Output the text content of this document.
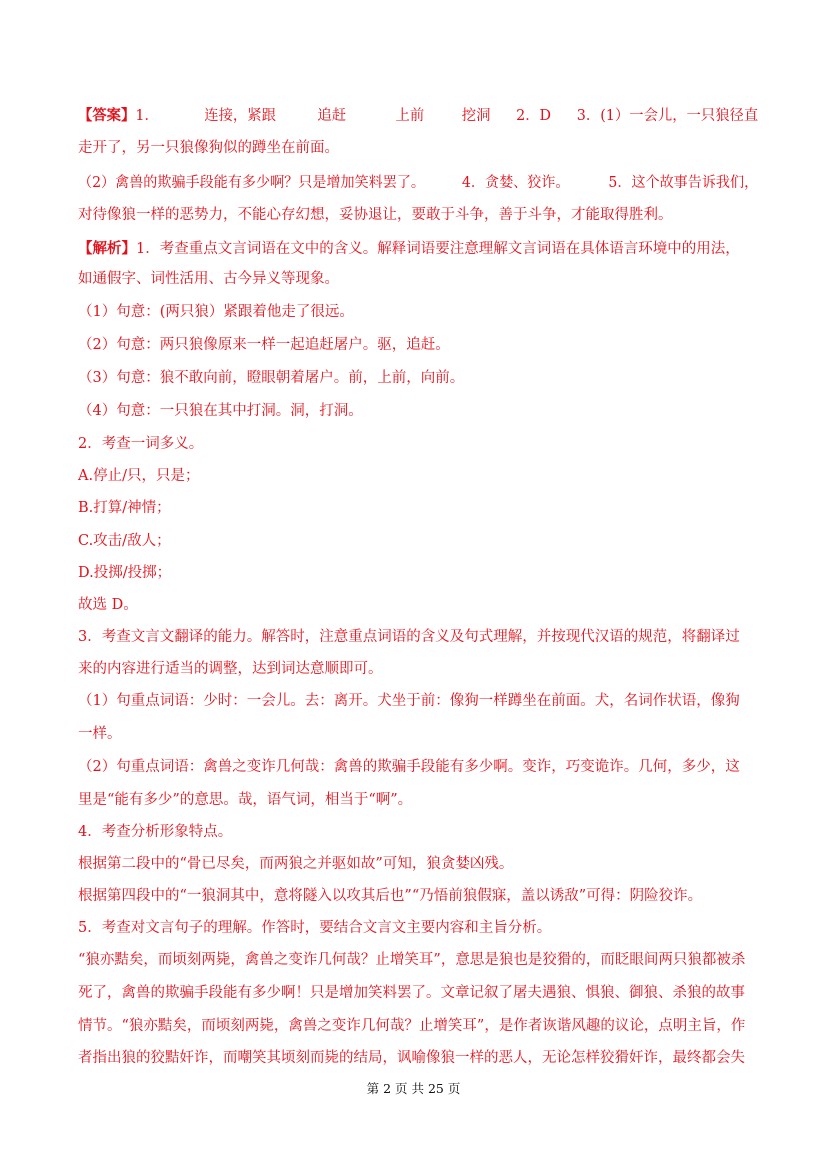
【答案】1．	连接，紧跟	追赶	上前	挖洞 2．D 3．(1）一会儿，一只狼径直
走开了，另一只狼像狗似的蹲坐在前面。
（2）禽兽的欺骗手段能有多少啊？只是增加笑料罢了。	4．贪婪、狡诈。	5．这个故事告诉我们，
对待像狼一样的恶势力，不能心存幻想，妥协退让，要敢于斗争，善于斗争，才能取得胜利。
【解析】1．考查重点文言词语在文中的含义。解释词语要注意理解文言词语在具体语言环境中的用法，
如通假字、词性活用、古今异义等现象。
（1）句意：(两只狼）紧跟着他走了很远。
（2）句意：两只狼像原来一样一起追赶屠户。驱，追赶。
（3）句意：狼不敢向前，瞪眼朝着屠户。前，上前，向前。
（4）句意：一只狼在其中打洞。洞，打洞。
2．考查一词多义。
A.停止/只，只是；
B.打算/神情；
C.攻击/敌人；
D.投掷/投掷；
故选 D。
3．考查文言文翻译的能力。解答时，注意重点词语的含义及句式理解，并按现代汉语的规范，将翻译过
来的内容进行适当的调整，达到词达意顺即可。
（1）句重点词语：少时：一会儿。去：离开。犬坐于前：像狗一样蹲坐在前面。犬，名词作状语，像狗
一样。
（2）句重点词语：禽兽之变诈几何哉：禽兽的欺骗手段能有多少啊。变诈，巧变诡诈。几何，多少，这
里是“能有多少”的意思。哉，语气词，相当于“啊”。
4．考查分析形象特点。
根据第二段中的“骨已尽矣，而两狼之并驱如故”可知，狼贪婪凶残。
根据第四段中的“一狼洞其中，意将隧入以攻其后也”“乃悟前狼假寐，盖以诱敌”可得：阴险狡诈。
5．考查对文言句子的理解。作答时，要结合文言文主要内容和主旨分析。
“狼亦黠矣，而顷刻两毙，禽兽之变诈几何哉？止增笑耳”，意思是狼也是狡猾的，而眨眼间两只狼都被杀
死了，禽兽的欺骗手段能有多少啊！只是增加笑料罢了。文章记叙了屠夫遇狼、惧狼、御狼、杀狼的故事
情节。“狼亦黠矣，而顷刻两毙，禽兽之变诈几何哉？止增笑耳”，是作者诙谐风趣的议论，点明主旨，作
者指出狼的狡黠奸诈，而嘲笑其顷刻而毙的结局，讽喻像狼一样的恶人，无论怎样狡猾奸诈，最终都会失
第 2 页 共 25 页
